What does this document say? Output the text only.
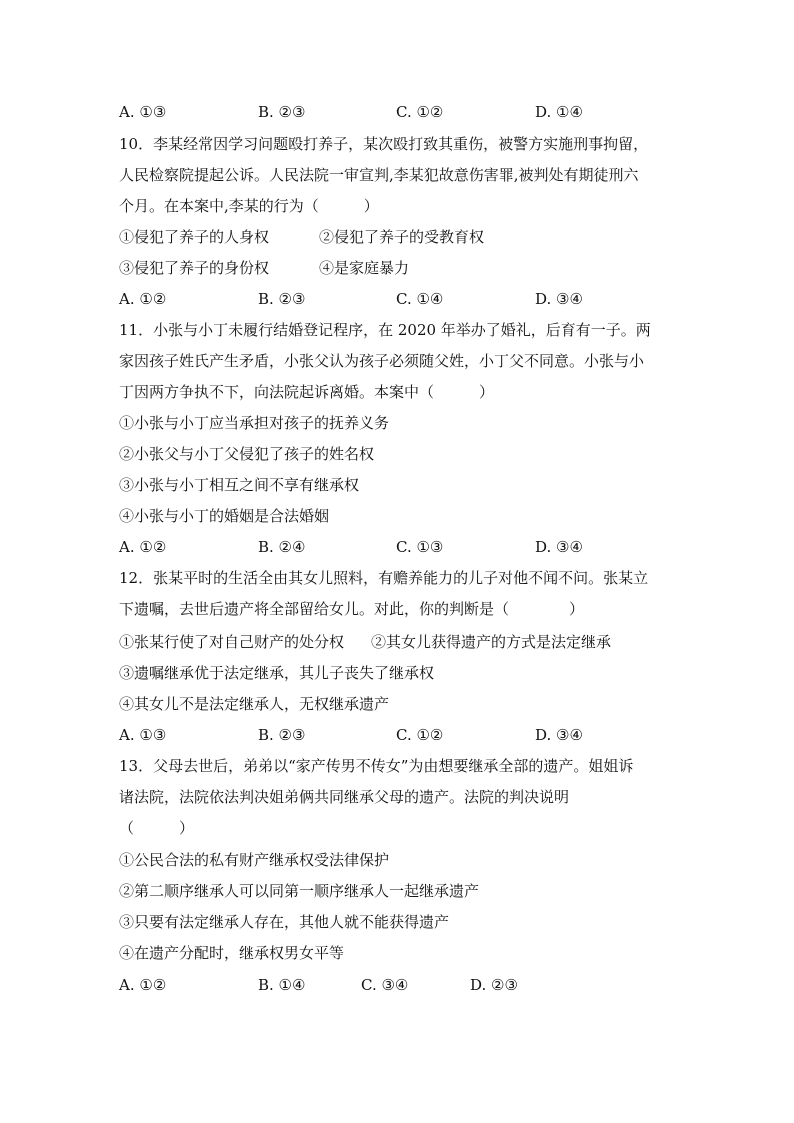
A. ①③	B. ②③	C. ①②	D. ①④
10．李某经常因学习问题殴打养子，某次殴打致其重伤，被警方实施刑事拘留，
人民检察院提起公诉。人民法院一审宣判,李某犯故意伤害罪,被判处有期徒刑六
个月。在本案中,李某的行为（　　　）
①侵犯了养子的人身权	②侵犯了养子的受教育权
③侵犯了养子的身份权	④是家庭暴力
A. ①②	B. ②③	C. ①④	D. ③④
11．小张与小丁未履行结婚登记程序，在 2020 年举办了婚礼，后育有一子。两
家因孩子姓氏产生矛盾，小张父认为孩子必须随父姓，小丁父不同意。小张与小
丁因两方争执不下，向法院起诉离婚。本案中（　　　）
①小张与小丁应当承担对孩子的抚养义务
②小张父与小丁父侵犯了孩子的姓名权
③小张与小丁相互之间不享有继承权
④小张与小丁的婚姻是合法婚姻
A. ①②	B. ②④	C. ①③	D. ③④
12．张某平时的生活全由其女儿照料，有赡养能力的儿子对他不闻不问。张某立
下遗嘱，去世后遗产将全部留给女儿。对此，你的判断是（　　　　）
①张某行使了对自己财产的处分权 ②其女儿获得遗产的方式是法定继承
③遗嘱继承优于法定继承，其儿子丧失了继承权
④其女儿不是法定继承人，无权继承遗产
A. ①③	B. ②③	C. ①②	D. ③④
13．父母去世后，弟弟以“家产传男不传女”为由想要继承全部的遗产。姐姐诉
诸法院，法院依法判决姐弟俩共同继承父母的遗产。法院的判决说明
（　　　）
①公民合法的私有财产继承权受法律保护
②第二顺序继承人可以同第一顺序继承人一起继承遗产
③只要有法定继承人存在，其他人就不能获得遗产
④在遗产分配时，继承权男女平等
A. ①②	B. ①④	C. ③④	D. ②③
